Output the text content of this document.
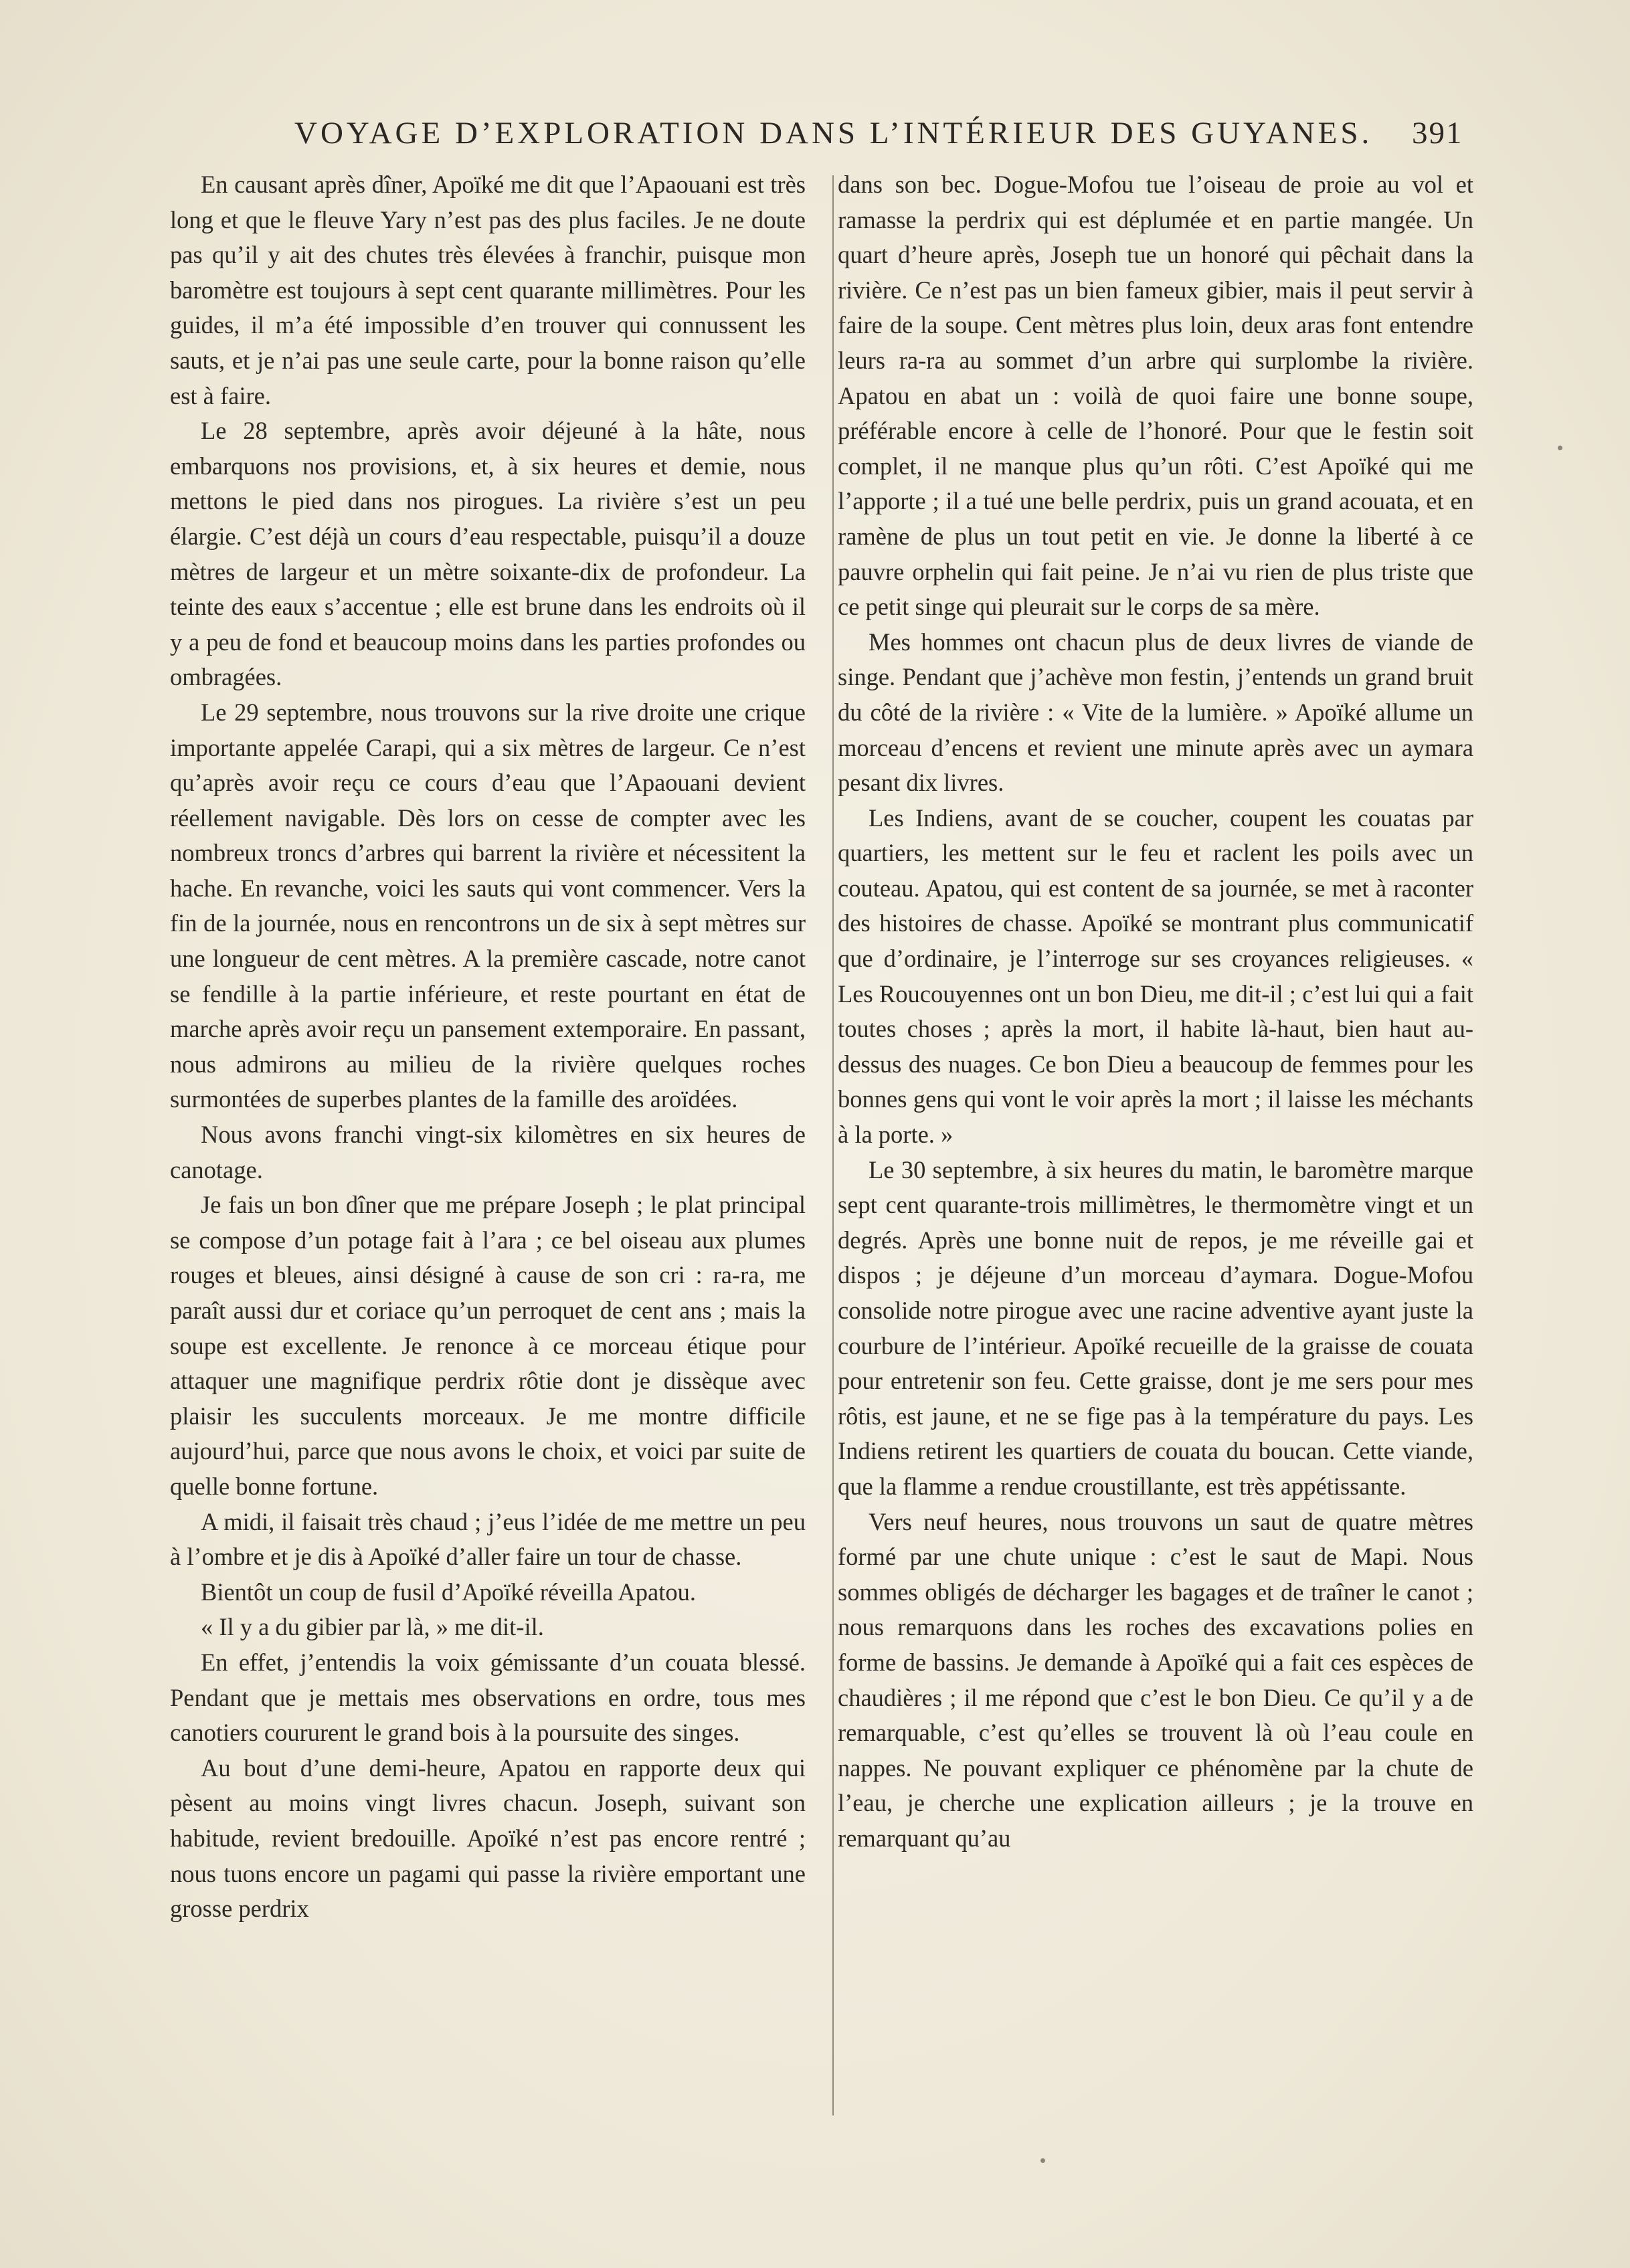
VOYAGE D’EXPLORATION DANS L’INTÉRIEUR DES GUYANES. 391

En causant après dîner, Apoïké me dit que l’Apaouani est très long et que le fleuve Yary n’est pas des plus faciles. Je ne doute pas qu’il y ait des chutes très élevées à franchir, puisque mon baromètre est toujours à sept cent quarante millimètres. Pour les guides, il m’a été impossible d’en trouver qui connussent les sauts, et je n’ai pas une seule carte, pour la bonne raison qu’elle est à faire.

Le 28 septembre, après avoir déjeuné à la hâte, nous embarquons nos provisions, et, à six heures et demie, nous mettons le pied dans nos pirogues. La rivière s’est un peu élargie. C’est déjà un cours d’eau respectable, puisqu’il a douze mètres de largeur et un mètre soixante-dix de profondeur. La teinte des eaux s’accentue ; elle est brune dans les endroits où il y a peu de fond et beaucoup moins dans les parties profondes ou ombragées.

Le 29 septembre, nous trouvons sur la rive droite une crique importante appelée Carapi, qui a six mètres de largeur. Ce n’est qu’après avoir reçu ce cours d’eau que l’Apaouani devient réellement navigable. Dès lors on cesse de compter avec les nombreux troncs d’arbres qui barrent la rivière et nécessitent la hache. En revanche, voici les sauts qui vont commencer. Vers la fin de la journée, nous en rencontrons un de six à sept mètres sur une longueur de cent mètres. A la première cascade, notre canot se fendille à la partie inférieure, et reste pourtant en état de marche après avoir reçu un pansement extemporaire. En passant, nous admirons au milieu de la rivière quelques roches surmontées de superbes plantes de la famille des aroïdées.

Nous avons franchi vingt-six kilomètres en six heures de canotage.

Je fais un bon dîner que me prépare Joseph ; le plat principal se compose d’un potage fait à l’ara ; ce bel oiseau aux plumes rouges et bleues, ainsi désigné à cause de son cri : ra-ra, me paraît aussi dur et coriace qu’un perroquet de cent ans ; mais la soupe est excellente. Je renonce à ce morceau étique pour attaquer une magnifique perdrix rôtie dont je dissèque avec plaisir les succulents morceaux. Je me montre difficile aujourd’hui, parce que nous avons le choix, et voici par suite de quelle bonne fortune.

A midi, il faisait très chaud ; j’eus l’idée de me mettre un peu à l’ombre et je dis à Apoïké d’aller faire un tour de chasse.

Bientôt un coup de fusil d’Apoïké réveilla Apatou.

« Il y a du gibier par là, » me dit-il.

En effet, j’entendis la voix gémissante d’un couata blessé. Pendant que je mettais mes observations en ordre, tous mes canotiers coururent le grand bois à la poursuite des singes.

Au bout d’une demi-heure, Apatou en rapporte deux qui pèsent au moins vingt livres chacun. Joseph, suivant son habitude, revient bredouille. Apoïké n’est pas encore rentré ; nous tuons encore un pagami qui passe la rivière emportant une grosse perdrix

dans son bec. Dogue-Mofou tue l’oiseau de proie au vol et ramasse la perdrix qui est déplumée et en partie mangée. Un quart d’heure après, Joseph tue un honoré qui pêchait dans la rivière. Ce n’est pas un bien fameux gibier, mais il peut servir à faire de la soupe. Cent mètres plus loin, deux aras font entendre leurs ra-ra au sommet d’un arbre qui surplombe la rivière. Apatou en abat un : voilà de quoi faire une bonne soupe, préférable encore à celle de l’honoré. Pour que le festin soit complet, il ne manque plus qu’un rôti. C’est Apoïké qui me l’apporte ; il a tué une belle perdrix, puis un grand acouata, et en ramène de plus un tout petit en vie. Je donne la liberté à ce pauvre orphelin qui fait peine. Je n’ai vu rien de plus triste que ce petit singe qui pleurait sur le corps de sa mère.

Mes hommes ont chacun plus de deux livres de viande de singe. Pendant que j’achève mon festin, j’entends un grand bruit du côté de la rivière : « Vite de la lumière. » Apoïké allume un morceau d’encens et revient une minute après avec un aymara pesant dix livres.

Les Indiens, avant de se coucher, coupent les couatas par quartiers, les mettent sur le feu et raclent les poils avec un couteau. Apatou, qui est content de sa journée, se met à raconter des histoires de chasse. Apoïké se montrant plus communicatif que d’ordinaire, je l’interroge sur ses croyances religieuses. « Les Roucouyennes ont un bon Dieu, me dit-il ; c’est lui qui a fait toutes choses ; après la mort, il habite là-haut, bien haut au-dessus des nuages. Ce bon Dieu a beaucoup de femmes pour les bonnes gens qui vont le voir après la mort ; il laisse les méchants à la porte. »

Le 30 septembre, à six heures du matin, le baromètre marque sept cent quarante-trois millimètres, le thermomètre vingt et un degrés. Après une bonne nuit de repos, je me réveille gai et dispos ; je déjeune d’un morceau d’aymara. Dogue-Mofou consolide notre pirogue avec une racine adventive ayant juste la courbure de l’intérieur. Apoïké recueille de la graisse de couata pour entretenir son feu. Cette graisse, dont je me sers pour mes rôtis, est jaune, et ne se fige pas à la température du pays. Les Indiens retirent les quartiers de couata du boucan. Cette viande, que la flamme a rendue croustillante, est très appétissante.

Vers neuf heures, nous trouvons un saut de quatre mètres formé par une chute unique : c’est le saut de Mapi. Nous sommes obligés de décharger les bagages et de traîner le canot ; nous remarquons dans les roches des excavations polies en forme de bassins. Je demande à Apoïké qui a fait ces espèces de chaudières ; il me répond que c’est le bon Dieu. Ce qu’il y a de remarquable, c’est qu’elles se trouvent là où l’eau coule en nappes. Ne pouvant expliquer ce phénomène par la chute de l’eau, je cherche une explication ailleurs ; je la trouve en remarquant qu’au
